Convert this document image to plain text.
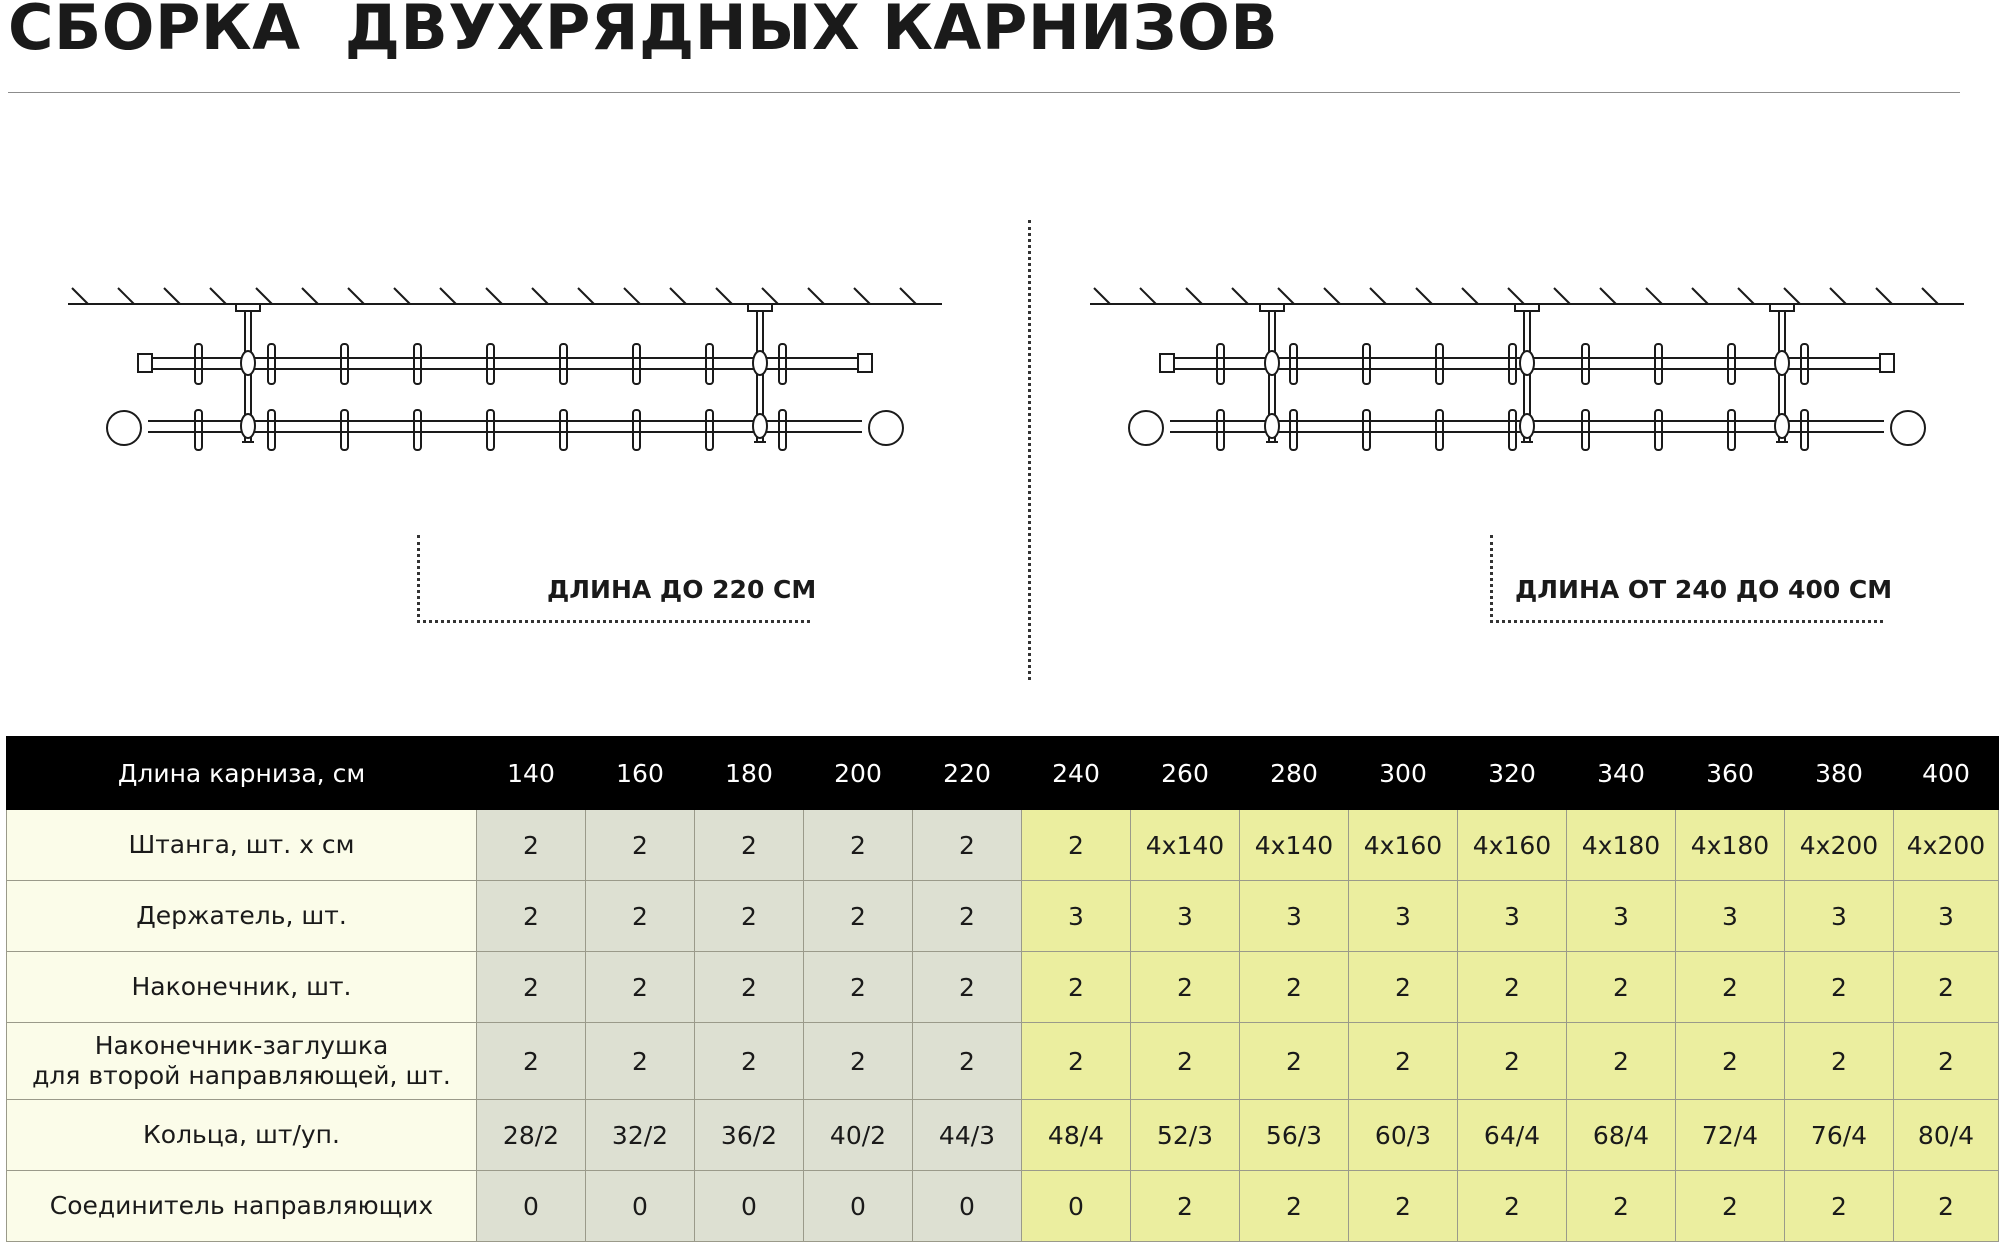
СБОРКА  ДВУХРЯДНЫХ КАРНИЗОВ
ДЛИНА ДО 220 СМ	ДЛИНА ОТ 240 ДО 400 СМ
Длина карниза, см	140	160	180	200	220	240	260	280	300	320	340	360	380	400
Штанга, шт. х см	2	2	2	2	2	2	4х140	4х140	4х160	4х160	4х180	4х180	4х200	4х200
Держатель, шт.	2	2	2	2	2	3	3	3	3	3	3	3	3	3
Наконечник, шт.	2	2	2	2	2	2	2	2	2	2	2	2	2	2
Наконечник-заглушка
для второй направляющей, шт.	2	2	2	2	2	2	2	2	2	2	2	2	2	2
Кольца, шт/уп.	28/2	32/2	36/2	40/2	44/3	48/4	52/3	56/3	60/3	64/4	68/4	72/4	76/4	80/4
Соединитель направляющих	0	0	0	0	0	0	2	2	2	2	2	2	2	2
